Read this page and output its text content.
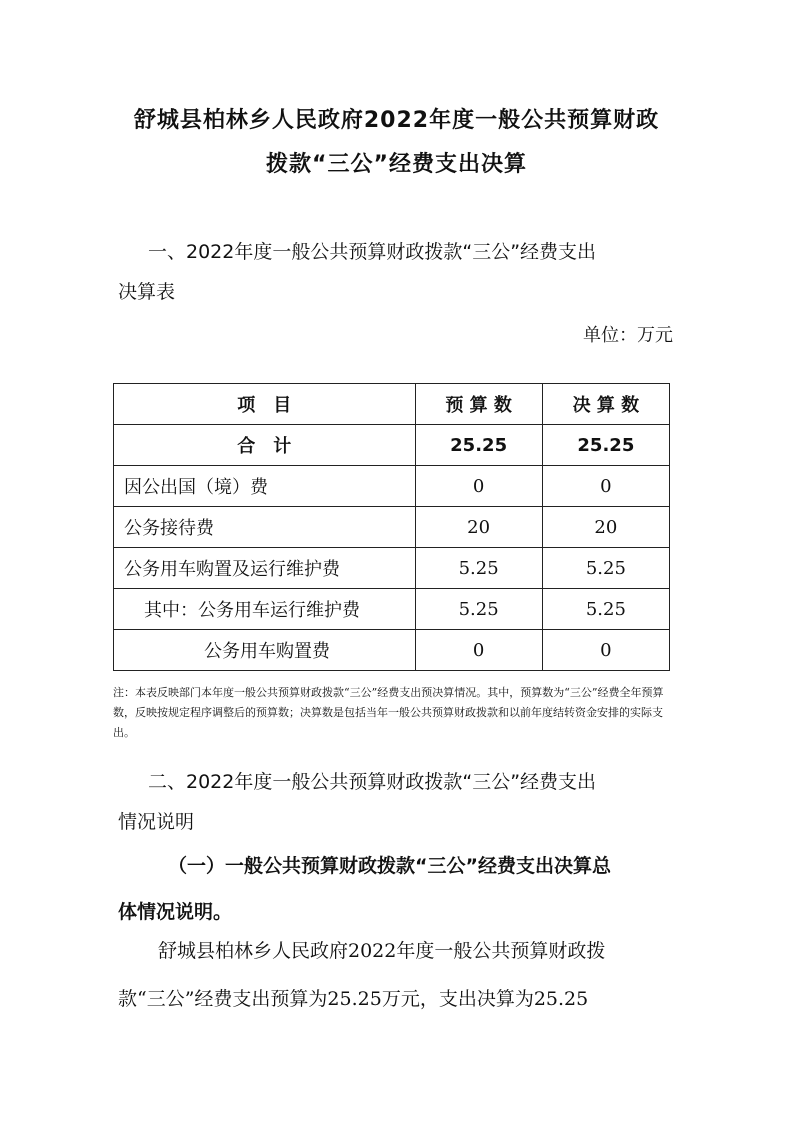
舒城县柏林乡人民政府2022年度一般公共预算财政
拨款“三公”经费支出决算
一、2022年度一般公共预算财政拨款“三公”经费支出
决算表
单位：万元
项　目	预 算 数	决 算 数
合　计	25.25	25.25
因公出国（境）费	0	0
公务接待费	20	20
公务用车购置及运行维护费	5.25	5.25
其中：公务用车运行维护费	5.25	5.25
公务用车购置费	0	0
注：本表反映部门本年度一般公共预算财政拨款“三公”经费支出预决算情况。其中，预算数为“三公”经费全年预算数，反映按规定程序调整后的预算数；决算数是包括当年一般公共预算财政拨款和以前年度结转资金安排的实际支出。
二、2022年度一般公共预算财政拨款“三公”经费支出
情况说明
（一）一般公共预算财政拨款“三公”经费支出决算总
体情况说明。
舒城县柏林乡人民政府2022年度一般公共预算财政拨
款“三公”经费支出预算为25.25万元，支出决算为25.25
